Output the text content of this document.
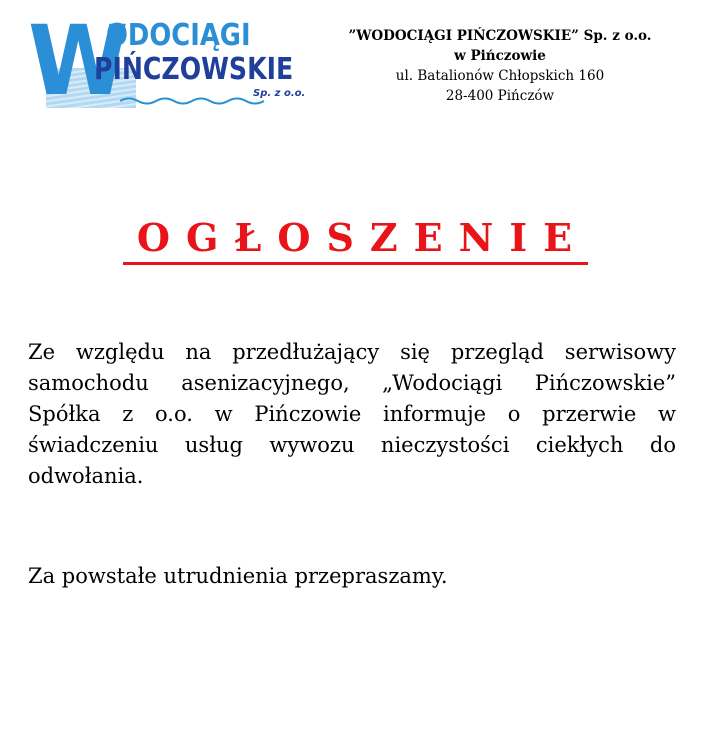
W
ODOCIĄGI
PIŃCZOWSKIE
Sp. z o.o.
”WODOCIĄGI PIŃCZOWSKIE” Sp. z o.o.
w Pińczowie
ul. Batalionów Chłopskich 160
28-400 Pińczów
OGŁOSZENIE
Ze względu na przedłużający się przegląd serwisowy samochodu asenizacyjnego, „Wodociągi Pińczowskie” Spółka z o.o. w Pińczowie informuje o przerwie w świadczeniu usług wywozu nieczystości ciekłych do odwołania.
Za powstałe utrudnienia przepraszamy.
